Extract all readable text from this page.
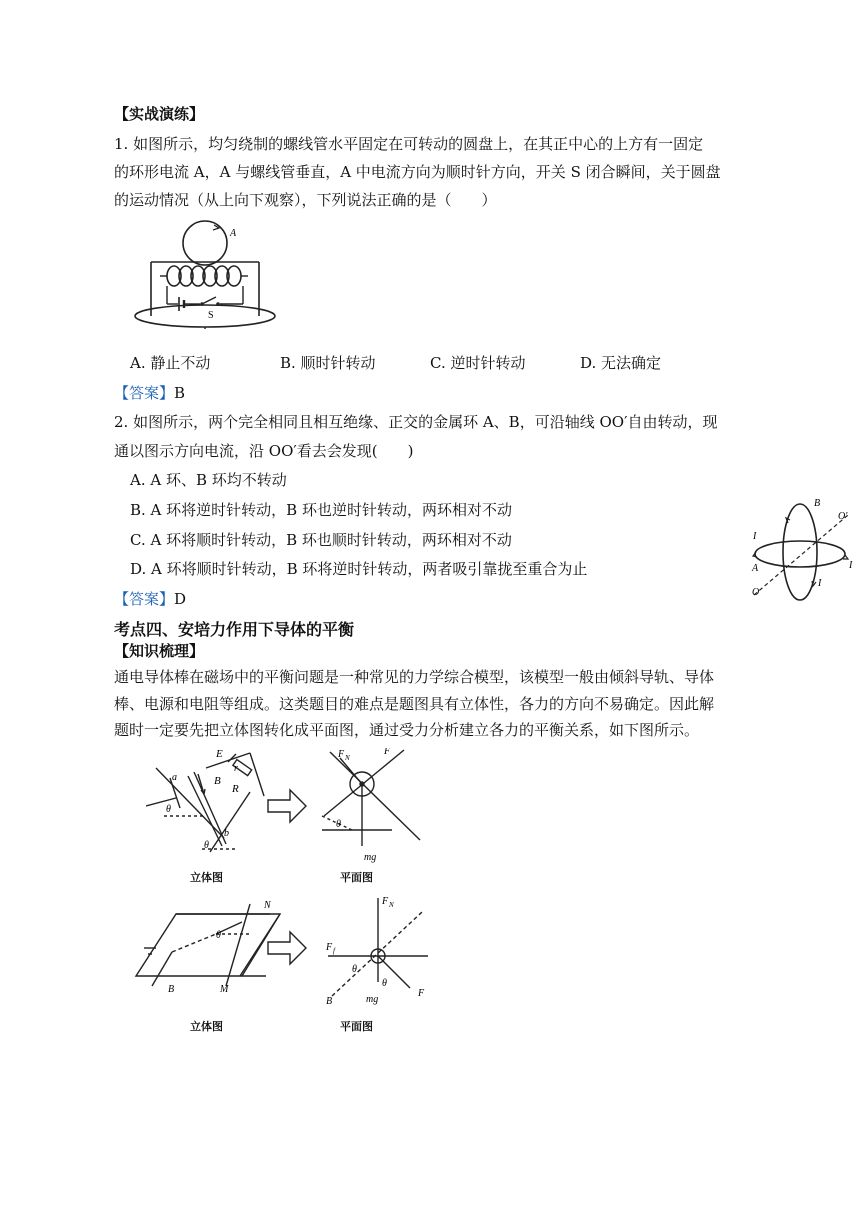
【实战演练】
1. 如图所示，均匀绕制的螺线管水平固定在可转动的圆盘上，在其正中心的上方有一固定
的环形电流 A，A 与螺线管垂直，A 中电流方向为顺时针方向，开关 S 闭合瞬间，关于圆盘
的运动情况（从上向下观察），下列说法正确的是（　　）
A
S
A. 静止不动	B. 顺时针转动	C. 逆时针转动	D. 无法确定
【答案】B
2. 如图所示，两个完全相同且相互绝缘、正交的金属环 A、B，可沿轴线 OO′自由转动，现
通以图示方向电流，沿 OO′看去会发现(　　)
A. A 环、B 环均不转动
B. A 环将逆时针转动，B 环也逆时针转动，两环相对不动
C. A 环将顺时针转动，B 环也顺时针转动，两环相对不动
D. A 环将顺时针转动，B 环将逆时针转动，两者吸引靠拢至重合为止
B
O′
I
I
I
A
O
【答案】D
考点四、安培力作用下导体的平衡
【知识梳理】
通电导体棒在磁场中的平衡问题是一种常见的力学综合模型，该模型一般由倾斜导轨、导体
棒、电源和电阻等组成。这类题目的难点是题图具有立体性，各力的方向不易确定。因此解
题时一定要先把立体图转化成平面图，通过受力分析建立各力的平衡关系，如下图所示。
E
r
a	B
R
θ
b
θ
F N
F
θ
mg
立体图	平面图
N
θ
B	M
F N
F f
θ
θ
B	mg
F
立体图	平面图
